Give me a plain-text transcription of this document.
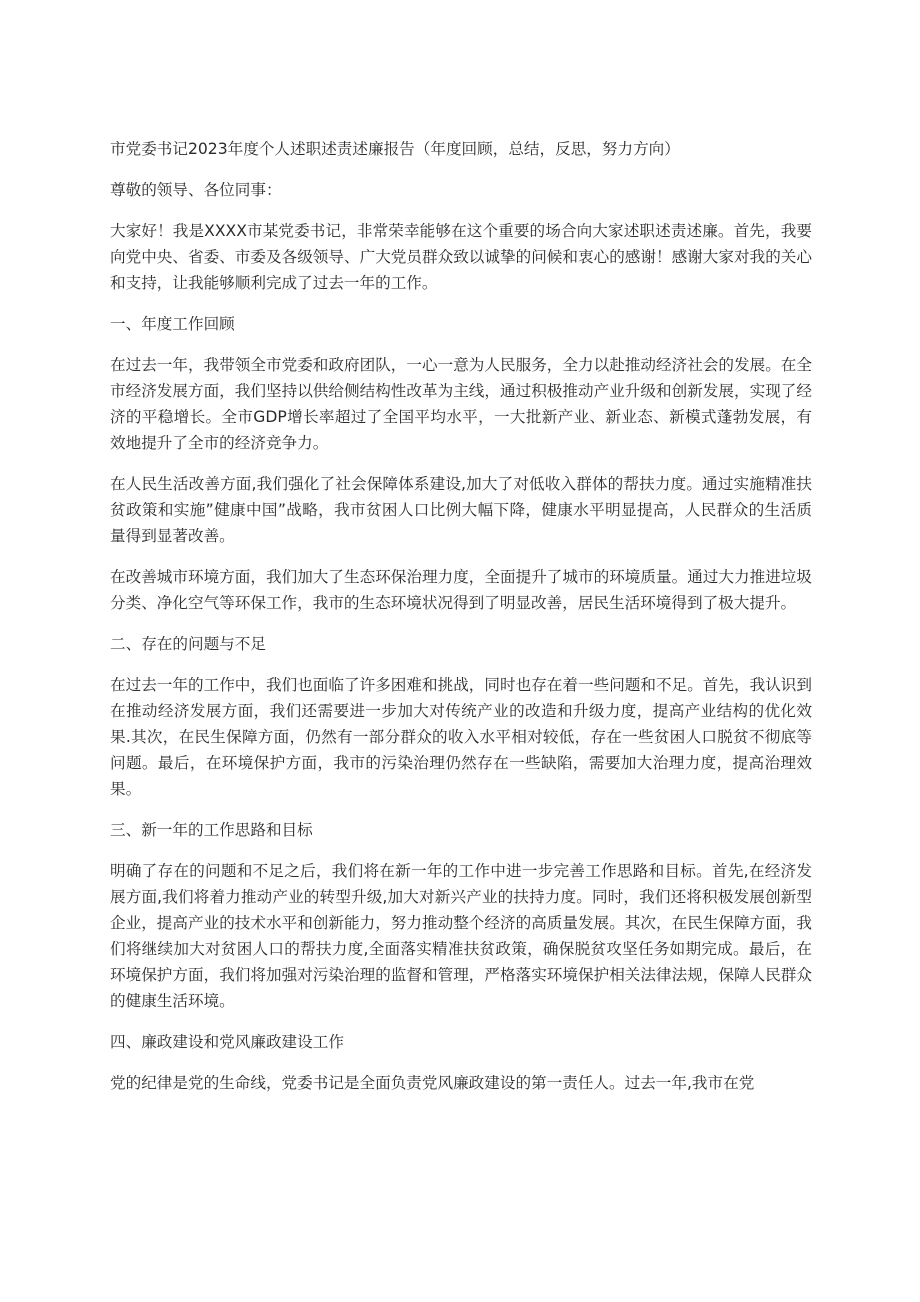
市党委书记2023年度个人述职述责述廉报告（年度回顾，总结，反思，努力方向）

尊敬的领导、各位同事：

大家好！我是XXXX市某党委书记，非常荣幸能够在这个重要的场合向大家述职述责述廉。首先，我要向党中央、省委、市委及各级领导、广大党员群众致以诚挚的问候和衷心的感谢！感谢大家对我的关心和支持，让我能够顺利完成了过去一年的工作。

一、年度工作回顾

在过去一年，我带领全市党委和政府团队，一心一意为人民服务，全力以赴推动经济社会的发展。在全市经济发展方面，我们坚持以供给侧结构性改革为主线，通过积极推动产业升级和创新发展，实现了经济的平稳增长。全市GDP增长率超过了全国平均水平，一大批新产业、新业态、新模式蓬勃发展，有效地提升了全市的经济竞争力。

在人民生活改善方面,我们强化了社会保障体系建设,加大了对低收入群体的帮扶力度。通过实施精准扶贫政策和实施”健康中国”战略，我市贫困人口比例大幅下降，健康水平明显提高，人民群众的生活质量得到显著改善。

在改善城市环境方面，我们加大了生态环保治理力度，全面提升了城市的环境质量。通过大力推进垃圾分类、净化空气等环保工作，我市的生态环境状况得到了明显改善，居民生活环境得到了极大提升。

二、存在的问题与不足

在过去一年的工作中，我们也面临了许多困难和挑战，同时也存在着一些问题和不足。首先，我认识到在推动经济发展方面，我们还需要进一步加大对传统产业的改造和升级力度，提高产业结构的优化效果.其次，在民生保障方面，仍然有一部分群众的收入水平相对较低，存在一些贫困人口脱贫不彻底等问题。最后，在环境保护方面，我市的污染治理仍然存在一些缺陷，需要加大治理力度，提高治理效果。

三、新一年的工作思路和目标

明确了存在的问题和不足之后，我们将在新一年的工作中进一步完善工作思路和目标。首先,在经济发展方面,我们将着力推动产业的转型升级,加大对新兴产业的扶持力度。同时，我们还将积极发展创新型企业，提高产业的技术水平和创新能力，努力推动整个经济的高质量发展。其次，在民生保障方面，我们将继续加大对贫困人口的帮扶力度,全面落实精准扶贫政策，确保脱贫攻坚任务如期完成。最后，在环境保护方面，我们将加强对污染治理的监督和管理，严格落实环境保护相关法律法规，保障人民群众的健康生活环境。

四、廉政建设和党风廉政建设工作

党的纪律是党的生命线，党委书记是全面负责党风廉政建设的第一责任人。过去一年,我市在党
